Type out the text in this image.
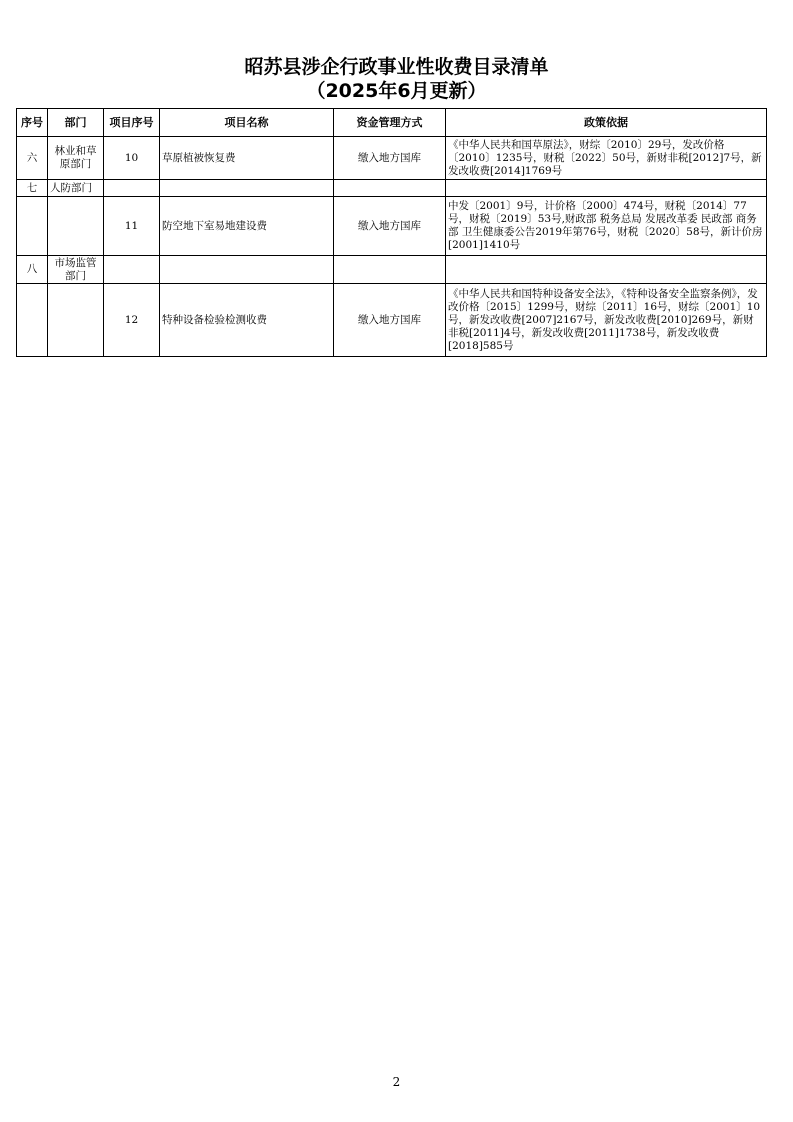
昭苏县涉企行政事业性收费目录清单
（2025年6月更新）
序号	部门	项目序号	项目名称	资金管理方式	政策依据
六	林业和草原部门	10	草原植被恢复费	缴入地方国库	《中华人民共和国草原法》，财综〔2010〕29号，发改价格〔2010〕1235号，财税〔2022〕50号，新财非税[2012]7号，新发改收费[2014]1769号
七	人防部门				
		11	防空地下室易地建设费	缴入地方国库	中发〔2001〕9号，计价格〔2000〕474号，财税〔2014〕77号，财税〔2019〕53号,财政部 税务总局 发展改革委 民政部 商务部 卫生健康委公告2019年第76号，财税〔2020〕58号，新计价房[2001]1410号
八	市场监管部门				
		12	特种设备检验检测收费	缴入地方国库	《中华人民共和国特种设备安全法》，《特种设备安全监察条例》，发改价格〔2015〕1299号，财综〔2011〕16号，财综〔2001〕10号，新发改收费[2007]2167号，新发改收费[2010]269号，新财非税[2011]4号，新发改收费[2011]1738号，新发改收费[2018]585号
2
